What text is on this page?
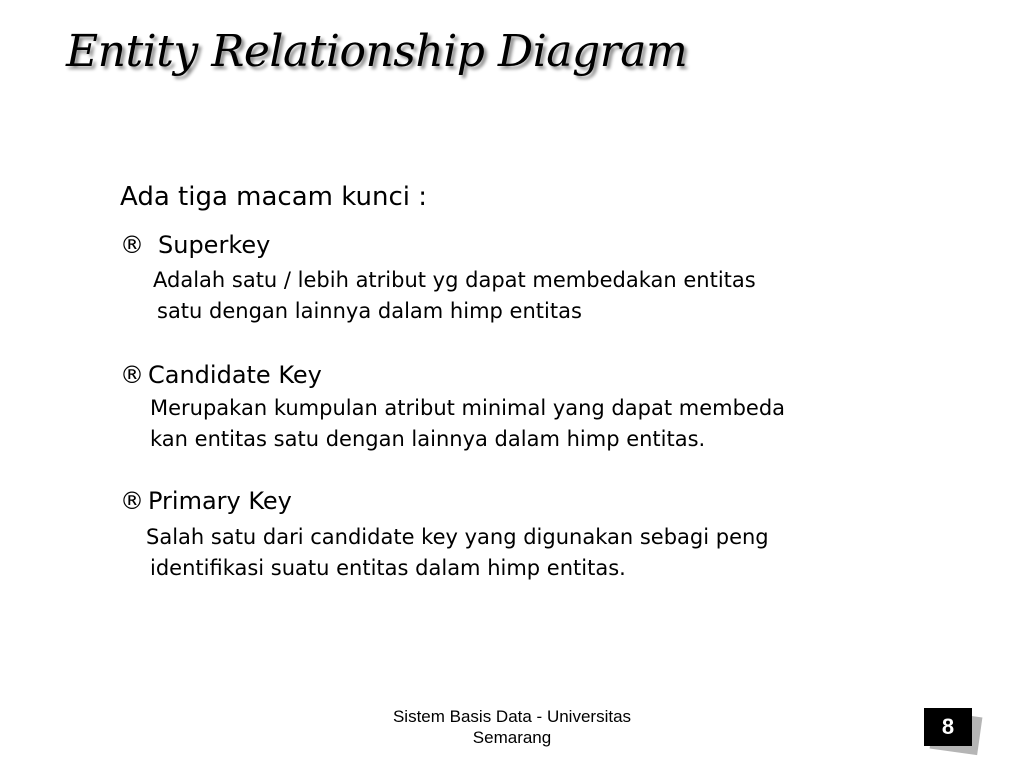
Entity Relationship Diagram
Ada tiga macam kunci :
® Superkey
Adalah satu / lebih atribut yg dapat membedakan entitas
satu dengan lainnya dalam himp entitas
® Candidate Key
Merupakan kumpulan atribut minimal yang dapat membeda
kan entitas satu dengan lainnya dalam himp entitas.
® Primary Key
Salah satu dari candidate key yang digunakan sebagi peng
identifikasi suatu entitas dalam himp entitas.
Sistem Basis Data - Universitas
Semarang	8
